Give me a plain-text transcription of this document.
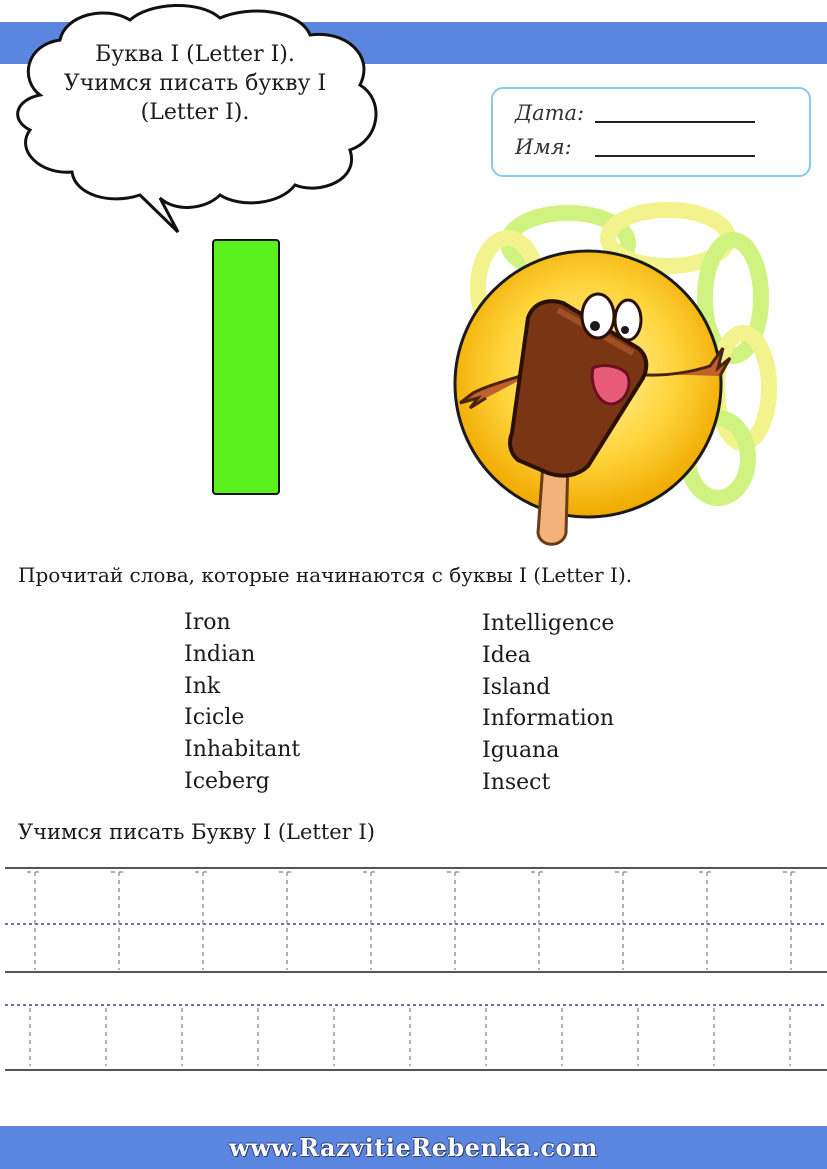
Буква I (Letter I).
Учимся писать букву I
(Letter I).	Дата:
Имя:
Прочитай слова, которые начинаются с буквы I (Letter I).
Iron
Indian
Ink
Icicle
Inhabitant
Iceberg
Intelligence
Idea
Island
Information
Iguana
Insect
Учимся писать Букву I (Letter I)
www.RazvitieRebenka.com
